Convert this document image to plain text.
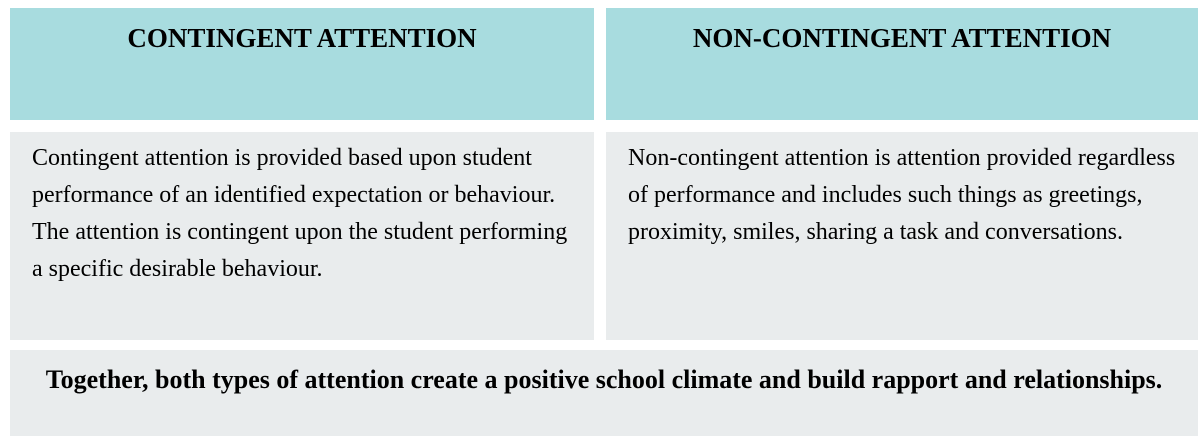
CONTINGENT ATTENTION	NON-CONTINGENT ATTENTION
Contingent attention is provided based upon student performance of an identified expectation or behaviour. The attention is contingent upon the student performing a specific desirable behaviour.
Non-contingent attention is attention provided regardless of performance and includes such things as greetings, proximity, smiles, sharing a task and conversations.
Together, both types of attention create a positive school climate and build rapport and relationships.
